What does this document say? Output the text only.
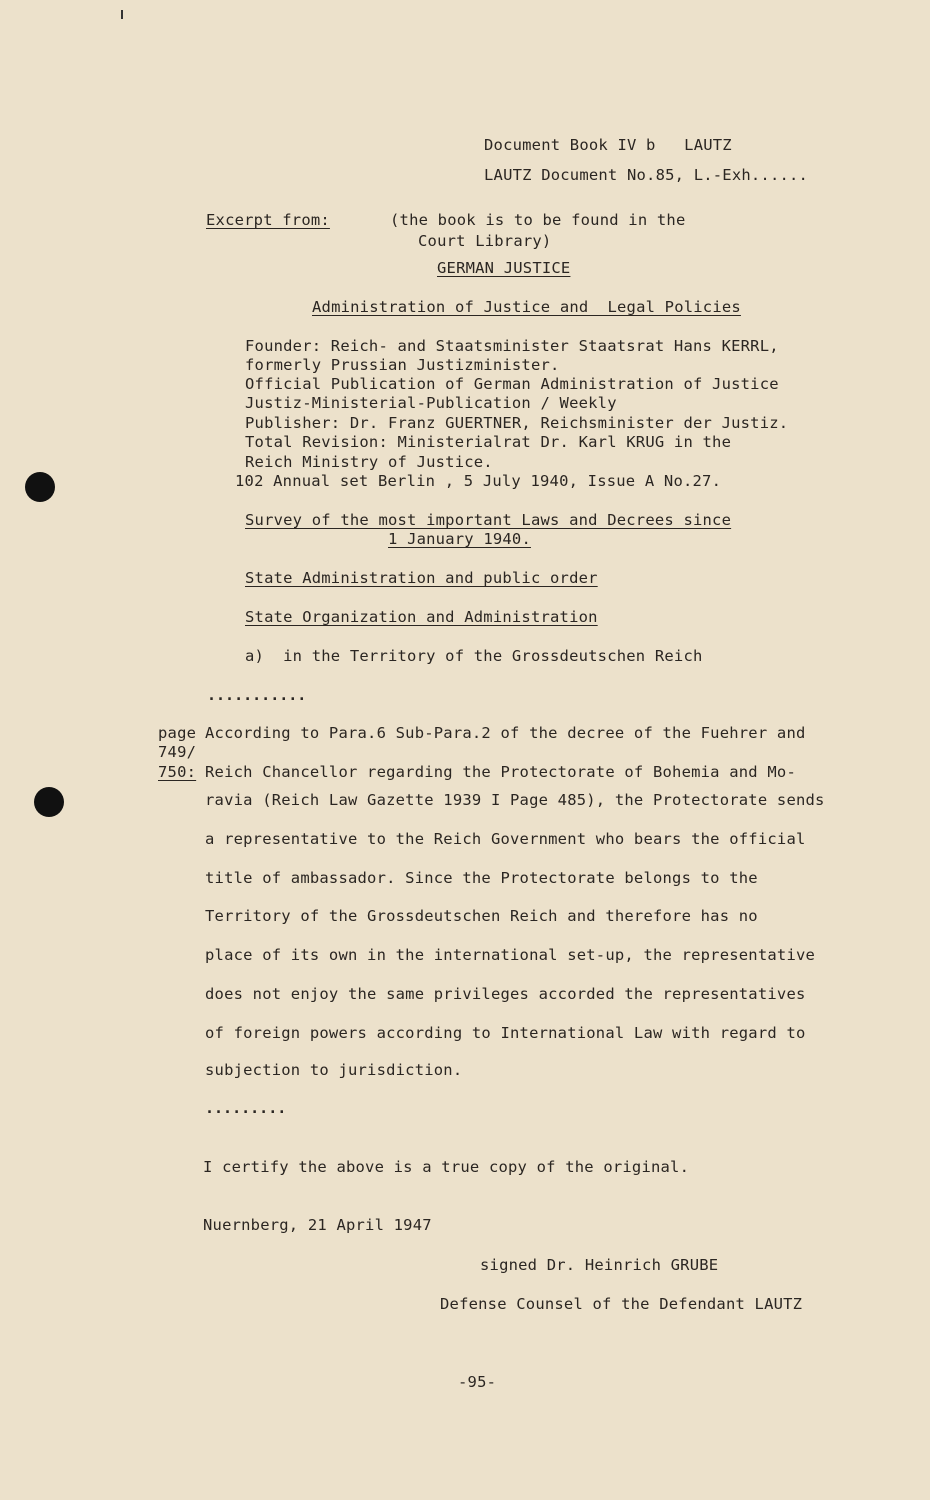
Document Book IV b   LAUTZ
LAUTZ Document No.85, L.-Exh......
Excerpt from:	(the book is to be found in the
Court Library)
GERMAN JUSTICE
Administration of Justice and  Legal Policies
Founder: Reich- and Staatsminister Staatsrat Hans KERRL,
formerly Prussian Justizminister.
Official Publication of German Administration of Justice
Justiz-Ministerial-Publication / Weekly
Publisher: Dr. Franz GUERTNER, Reichsminister der Justiz.
Total Revision: Ministerialrat Dr. Karl KRUG in the
Reich Ministry of Justice.
102 Annual set Berlin , 5 July 1940, Issue A No.27.
Survey of the most important Laws and Decrees since
1 January 1940.
State Administration and public order
State Organization and Administration
a)  in the Territory of the Grossdeutschen Reich
...........
page
749/
750:
According to Para.6 Sub-Para.2 of the decree of the Fuehrer and
Reich Chancellor regarding the Protectorate of Bohemia and Mo-
ravia (Reich Law Gazette 1939 I Page 485), the Protectorate sends
a representative to the Reich Government who bears the official
title of ambassador. Since the Protectorate belongs to the
Territory of the Grossdeutschen Reich and therefore has no
place of its own in the international set-up, the representative
does not enjoy the same privileges accorded the representatives
of foreign powers according to International Law with regard to
subjection to jurisdiction.
.........
I certify the above is a true copy of the original.
Nuernberg, 21 April 1947
signed Dr. Heinrich GRUBE
Defense Counsel of the Defendant LAUTZ
-95-
